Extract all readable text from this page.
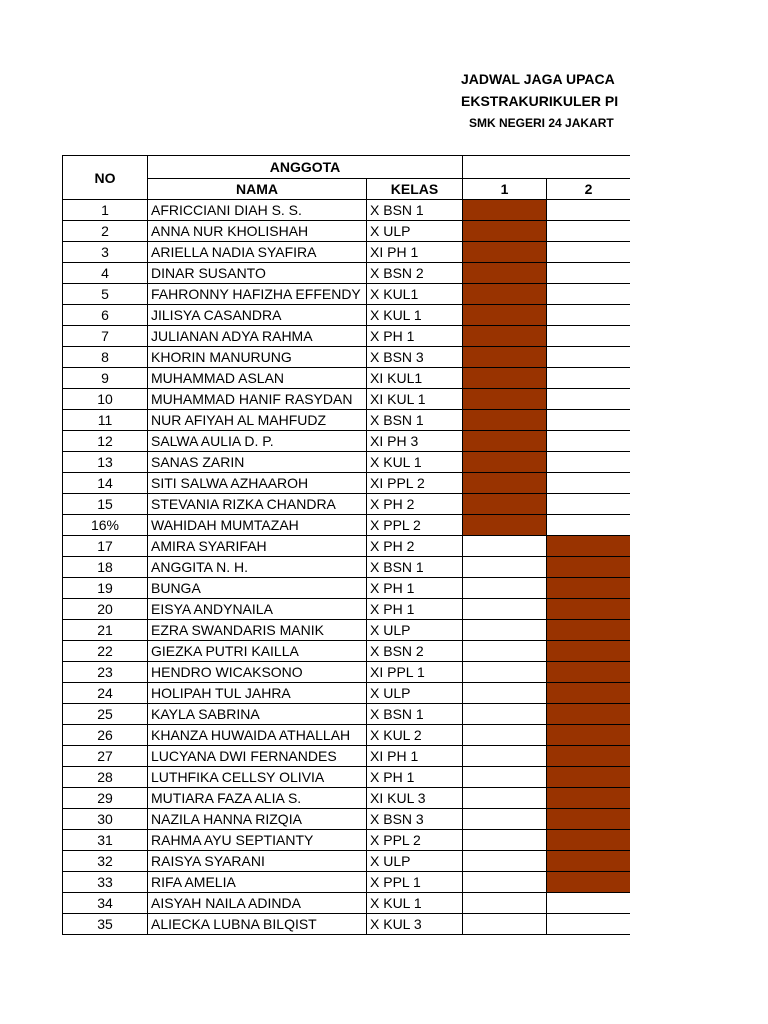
JADWAL JAGA UPACA
EKSTRAKURIKULER PI
SMK NEGERI 24 JAKART
NO	ANGGOTA				
	NAMA	KELAS	1	2	
1	AFRICCIANI DIAH S. S.	X BSN 1			
2	ANNA NUR KHOLISHAH	X ULP			
3	ARIELLA NADIA SYAFIRA	XI PH 1			
4	DINAR SUSANTO	X BSN 2			
5	FAHRONNY HAFIZHA EFFENDY	X KUL1			
6	JILISYA CASANDRA	X KUL 1			
7	JULIANAN ADYA RAHMA	X PH 1			
8	KHORIN MANURUNG	X BSN 3			
9	MUHAMMAD ASLAN	XI KUL1			
10	MUHAMMAD HANIF RASYDAN	XI KUL 1			
11	NUR AFIYAH AL MAHFUDZ	X BSN 1			
12	SALWA AULIA D. P.	XI PH 3			
13	SANAS ZARIN	X KUL 1			
14	SITI SALWA AZHAAROH	XI PPL 2			
15	STEVANIA RIZKA CHANDRA	X PH 2			
16%	WAHIDAH MUMTAZAH	X PPL 2			
17	AMIRA SYARIFAH	X PH 2			
18	ANGGITA N. H.	X BSN 1			
19	BUNGA	X PH 1			
20	EISYA ANDYNAILA	X PH 1			
21	EZRA SWANDARIS MANIK	X ULP			
22	GIEZKA PUTRI KAILLA	X BSN 2			
23	HENDRO WICAKSONO	XI PPL 1			
24	HOLIPAH TUL JAHRA	X ULP			
25	KAYLA SABRINA	X BSN 1			
26	KHANZA HUWAIDA ATHALLAH	X KUL 2			
27	LUCYANA DWI FERNANDES	XI PH 1			
28	LUTHFIKA CELLSY OLIVIA	X PH 1			
29	MUTIARA FAZA ALIA S.	XI KUL 3			
30	NAZILA HANNA RIZQIA	X BSN 3			
31	RAHMA AYU SEPTIANTY	X PPL 2			
32	RAISYA SYARANI	X ULP			
33	RIFA AMELIA	X PPL 1			
34	AISYAH NAILA ADINDA	X KUL 1			
35	ALIECKA LUBNA BILQIST	X KUL 3			
